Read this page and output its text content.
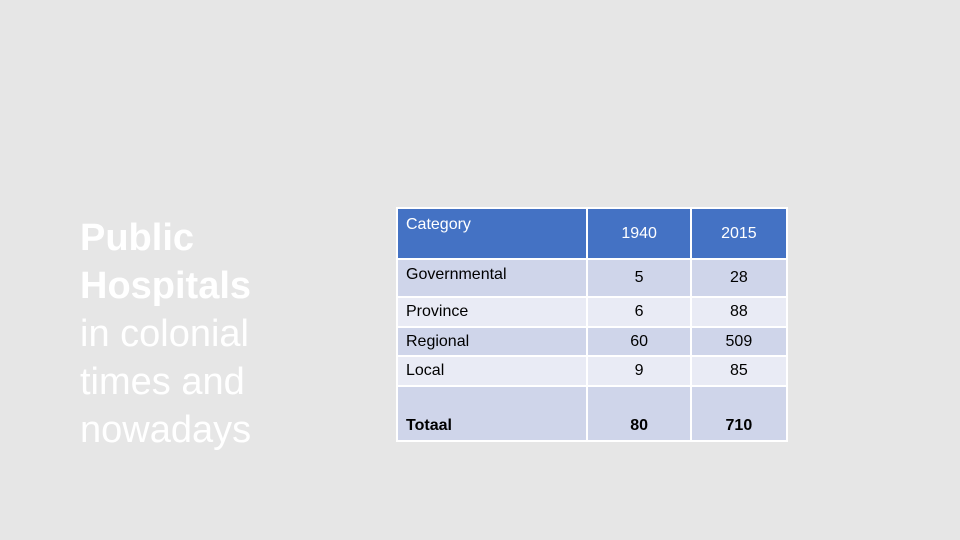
Public
Hospitals
in colonial
times and
nowadays
Category	1940	2015
Governmental	5	28
Province	6	88
Regional	60	509
Local	9	85
Totaal	80	710
